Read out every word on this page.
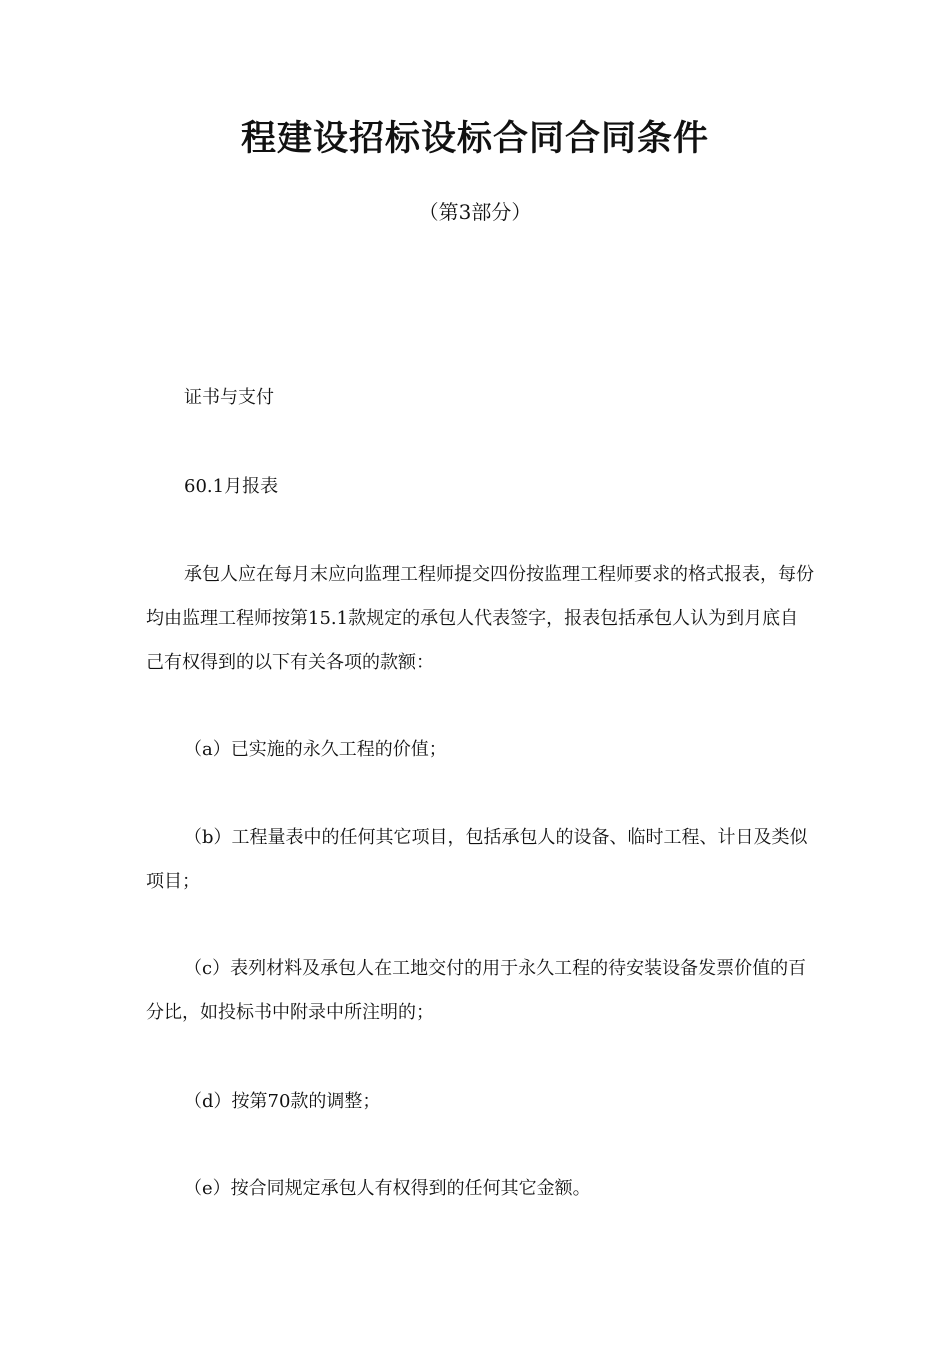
程建设招标设标合同合同条件
（第3部分）

证书与支付

60.1月报表

承包人应在每月末应向监理工程师提交四份按监理工程师要求的格式报表，每份均由监理工程师按第15.1款规定的承包人代表签字，报表包括承包人认为到月底自己有权得到的以下有关各项的款额：

（a）已实施的永久工程的价值；

（b）工程量表中的任何其它项目，包括承包人的设备、临时工程、计日及类似项目；

（c）表列材料及承包人在工地交付的用于永久工程的待安装设备发票价值的百分比，如投标书中附录中所注明的；

（d）按第70款的调整；

（e）按合同规定承包人有权得到的任何其它金额。
